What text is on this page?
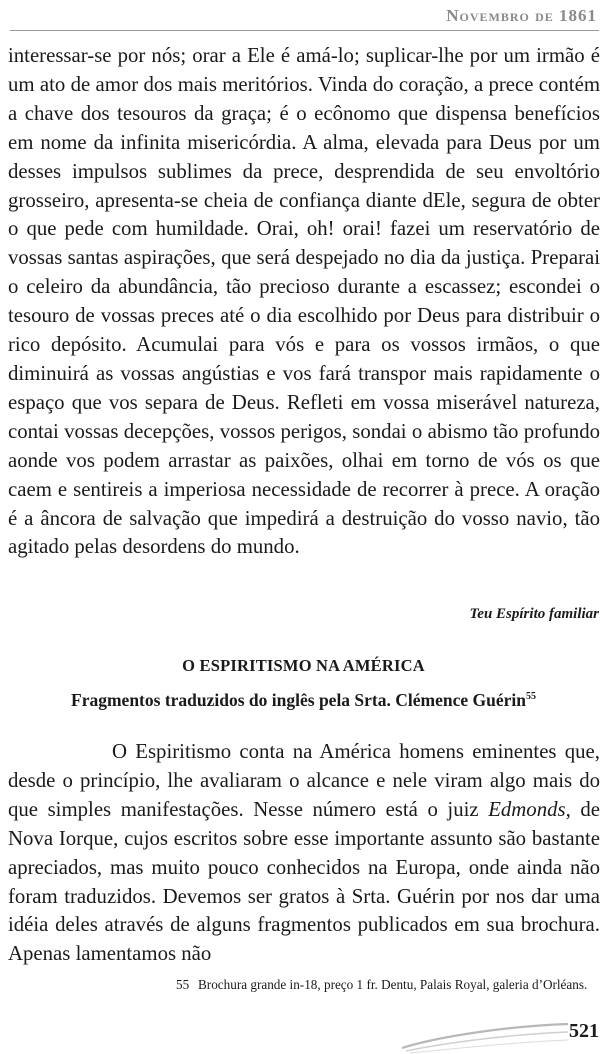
Novembro de 1861

interessar-se por nós; orar a Ele é amá-lo; suplicar-lhe por um irmão é um ato de amor dos mais meritórios. Vinda do coração, a prece contém a chave dos tesouros da graça; é o ecônomo que dispensa benefícios em nome da infinita misericórdia. A alma, elevada para Deus por um desses impulsos sublimes da prece, desprendida de seu envoltório grosseiro, apresenta-se cheia de confiança diante dEle, segura de obter o que pede com humildade. Orai, oh! orai! fazei um reservatório de vossas santas aspirações, que será despejado no dia da justiça. Preparai o celeiro da abundância, tão precioso durante a escassez; escondei o tesouro de vossas preces até o dia escolhido por Deus para distribuir o rico depósito. Acumulai para vós e para os vossos irmãos, o que diminuirá as vossas angústias e vos fará transpor mais rapidamente o espaço que vos separa de Deus. Refleti em vossa miserável natureza, contai vossas decepções, vossos perigos, sondai o abismo tão profundo aonde vos podem arrastar as paixões, olhai em torno de vós os que caem e sentireis a imperiosa necessidade de recorrer à prece. A oração é a âncora de salvação que impedirá a destruição do vosso navio, tão agitado pelas desordens do mundo.

Teu Espírito familiar
O ESPIRITISMO NA AMÉRICA
Fragmentos traduzidos do inglês pela Srta. Clémence Guérin$^{55}$

O Espiritismo conta na América homens eminentes que, desde o princípio, lhe avaliaram o alcance e nele viram algo mais do que simples manifestações. Nesse número está o juiz Edmonds, de Nova Iorque, cujos escritos sobre esse importante assunto são bastante apreciados, mas muito pouco conhecidos na Europa, onde ainda não foram traduzidos. Devemos ser gratos à Srta. Guérin por nos dar uma idéia deles através de alguns fragmentos publicados em sua brochura. Apenas lamentamos não

55 Brochura grande in-18, preço 1 fr. Dentu, Palais Royal, galeria d’Orléans.
521
